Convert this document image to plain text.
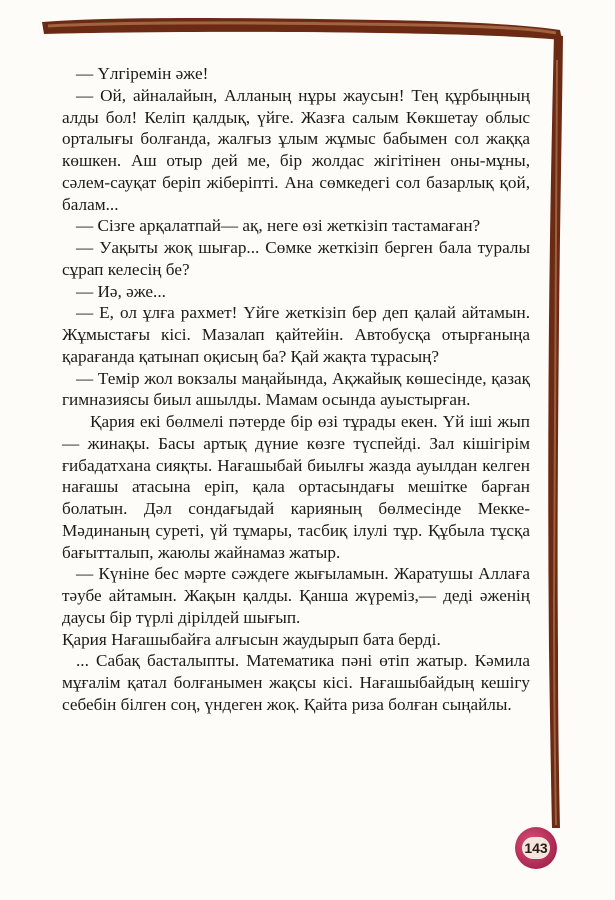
— Үлгіремін әже!

— Ой, айналайын, Алланың нұры жаусын! Тең құрбыңның алды бол! Келіп қалдық, үйге. Жазға салым Көкшетау облыс орталығы болғанда, жалғыз ұлым жұмыс бабымен сол жаққа көшкен. Аш отыр дей ме, бір жолдас жігітінен оны-мұны, сәлем-сауқат беріп жіберіпті. Ана сөмкедегі сол базарлық қой, балам...

— Сізге арқалатпай— ақ, неге өзі жеткізіп тастамаған?

— Уақыты жоқ шығар... Сөмке жеткізіп берген бала туралы сұрап келесің бе?

— Иә, әже...

— Е, ол ұлға рахмет! Үйге жеткізіп бер деп қалай айтамын. Жұмыстағы кісі. Мазалап қайтейін. Автобусқа отырғаныңа қарағанда қатынап оқисың ба? Қай жақта тұрасың?

— Темір жол вокзалы маңайында, Ақжайық көшесінде, қазақ гимназиясы биыл ашылды. Мамам осында ауыстырған.

Қария екі бөлмелі пәтерде бір өзі тұрады екен. Үй іші жып— жинақы. Басы артық дүние көзге түспейді. Зал кішігірім ғибадатхана сияқты. Нағашыбай биылғы жазда ауылдан келген нағашы атасына еріп, қала ортасындағы мешітке барған болатын. Дәл сондағыдай карияның бөлмесінде Мекке-Мәдинаның суреті, үй тұмары, тасбиқ ілулі тұр. Құбыла тұсқа бағытталып, жаюлы жайнамаз жатыр.

— Күніне бес мәрте сәждеге жығыламын. Жаратушы Аллаға тәубе айтамын. Жақын қалды. Қанша жүреміз,— деді әженің даусы бір түрлі дірілдей шығып.

Қария Нағашыбайға алғысын жаудырып бата берді.

... Сабақ басталыпты. Математика пәні өтіп жатыр. Кәмила мұғалім қатал болғанымен жақсы кісі. Нағашыбайдың кешігу себебін білген соң, үндеген жоқ. Қайта риза болған сыңайлы.

143
